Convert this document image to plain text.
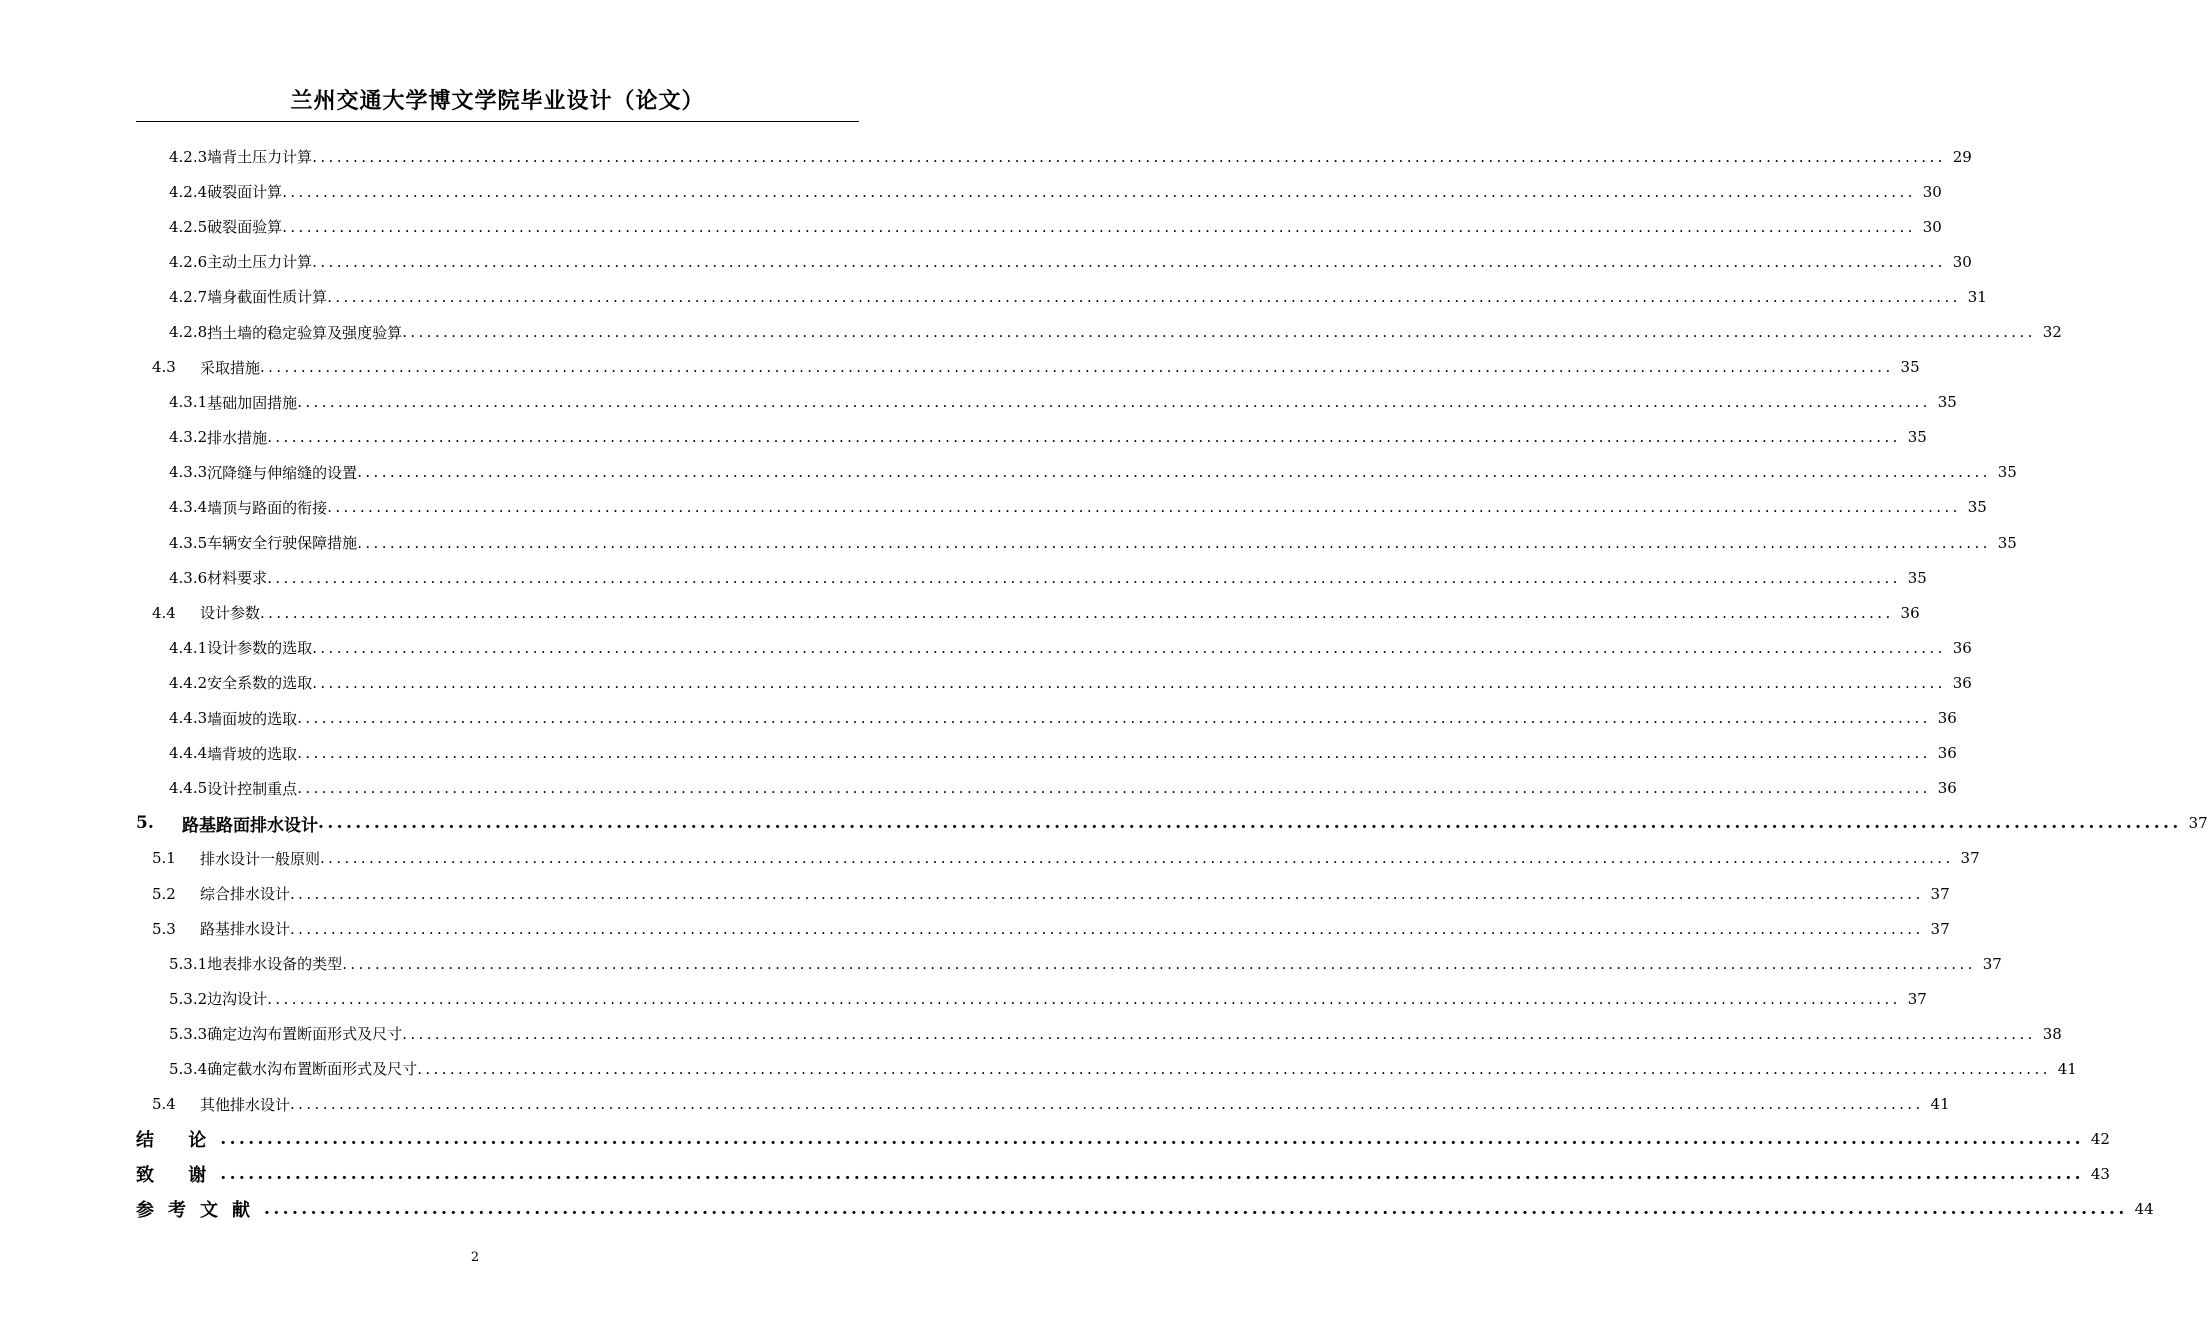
兰州交通大学博文学院毕业设计（论文）
4.2.3 墙背土压力计算 ........................................................................................................................................................................................................ 29
4.2.4 破裂面计算 ........................................................................................................................................................................................................ 30
4.2.5 破裂面验算 ........................................................................................................................................................................................................ 30
4.2.6 主动土压力计算 ........................................................................................................................................................................................................ 30
4.2.7 墙身截面性质计算 ........................................................................................................................................................................................................ 31
4.2.8 挡土墙的稳定验算及强度验算 ........................................................................................................................................................................................................ 32
4.3	采取措施 ........................................................................................................................................................................................................ 35
4.3.1 基础加固措施 ........................................................................................................................................................................................................ 35
4.3.2 排水措施 ........................................................................................................................................................................................................ 35
4.3.3 沉降缝与伸缩缝的设置 ........................................................................................................................................................................................................ 35
4.3.4 墙顶与路面的衔接 ........................................................................................................................................................................................................ 35
4.3.5 车辆安全行驶保障措施 ........................................................................................................................................................................................................ 35
4.3.6 材料要求 ........................................................................................................................................................................................................ 35
4.4	设计参数 ........................................................................................................................................................................................................ 36
4.4.1 设计参数的选取 ........................................................................................................................................................................................................ 36
4.4.2 安全系数的选取 ........................................................................................................................................................................................................ 36
4.4.3 墙面坡的选取 ........................................................................................................................................................................................................ 36
4.4.4 墙背坡的选取 ........................................................................................................................................................................................................ 36
4.4.5 设计控制重点 ........................................................................................................................................................................................................ 36
5.	路基路面排水设计 ........................................................................................................................................................................................................ 37
5.1	排水设计一般原则 ........................................................................................................................................................................................................ 37
5.2	综合排水设计 ........................................................................................................................................................................................................ 37
5.3	路基排水设计 ........................................................................................................................................................................................................ 37
5.3.1 地表排水设备的类型 ........................................................................................................................................................................................................ 37
5.3.2 边沟设计 ........................................................................................................................................................................................................ 37
5.3.3 确定边沟布置断面形式及尺寸 ........................................................................................................................................................................................................ 38
5.3.4 确定截水沟布置断面形式及尺寸 ........................................................................................................................................................................................................ 41
5.4	其他排水设计 ........................................................................................................................................................................................................ 41
结 论 ........................................................................................................................................................................................................ 42
致 谢 ........................................................................................................................................................................................................ 43
参考文献 ........................................................................................................................................................................................................ 44
2
